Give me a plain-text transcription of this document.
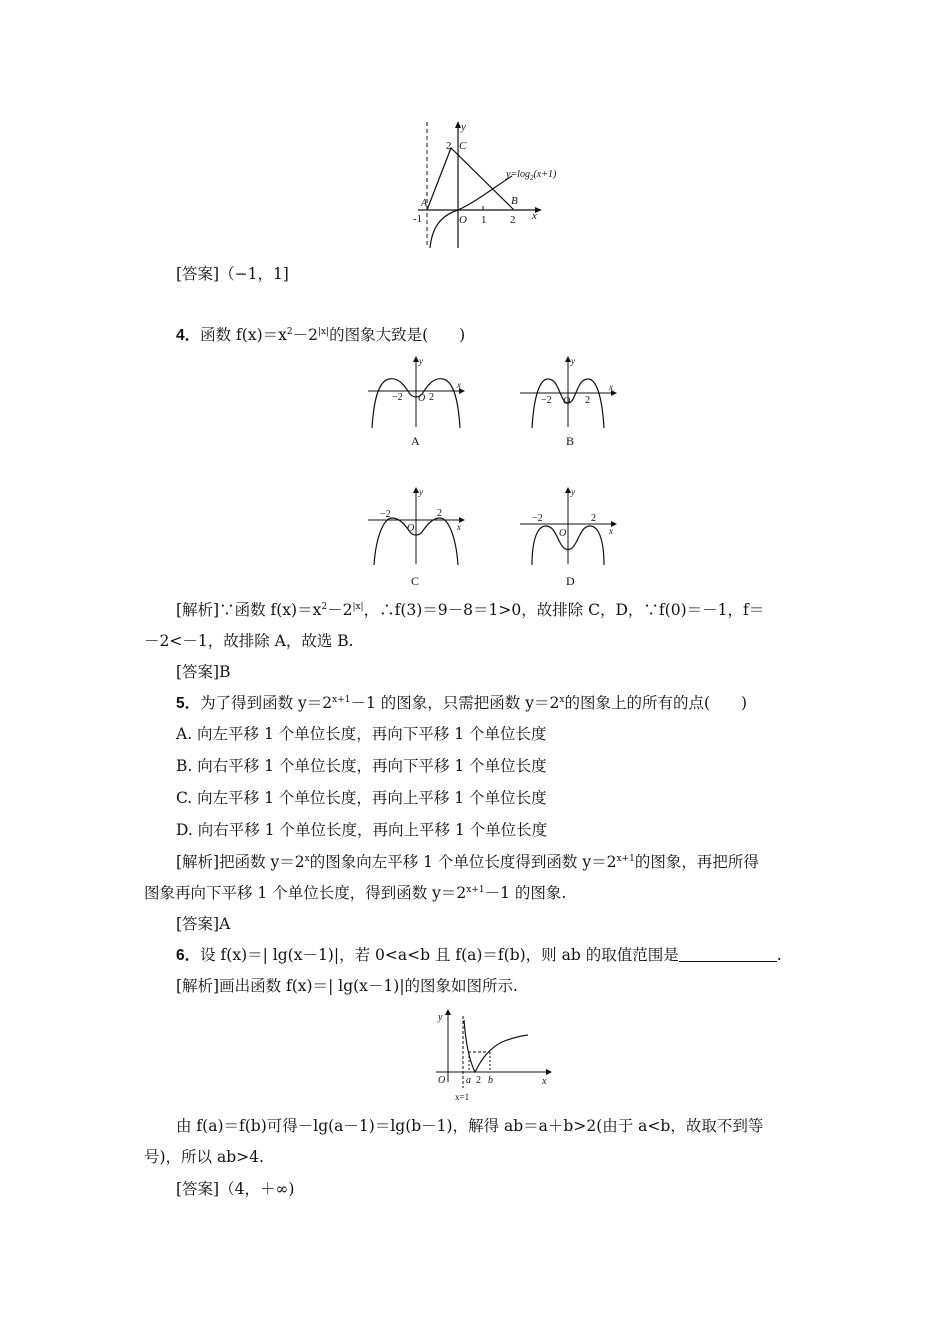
y
2 C
$y=\log_2(x+1)$
A	B
-1	O 1 2 x
[答案]（−1，1]
4．函数 $f(x)=x^2-2^{|x|}$的图象大致是(　　)
y
−2 O 2
x
A
y
−2 O 2
x
B
y
−2
O
2
x
C
y
−2
O
2
x
D
[解析]∵函数 $f(x)=x^2-2^{|x|}$，∴f(3)＝9－8＝1>0，故排除 C，D，∵f(0)＝－1，f＝
－2<－1，故排除 A，故选 B.
[答案]B
5．为了得到函数 $y=2^{x+1}-1$ 的图象，只需把函数 $y=2^x$的图象上的所有的点(　　)
A. 向左平移 1 个单位长度，再向下平移 1 个单位长度
B. 向右平移 1 个单位长度，再向下平移 1 个单位长度
C. 向左平移 1 个单位长度，再向上平移 1 个单位长度
D. 向右平移 1 个单位长度，再向上平移 1 个单位长度
[解析]把函数 $y=2^x$的图象向左平移 1 个单位长度得到函数 $y=2^{x+1}$的图象，再把所得
图象再向下平移 1 个单位长度，得到函数 $y=2^{x+1}-1$ 的图象.
[答案]A
6．设 f(x)＝| lg(x－1)|，若 0<a<b 且 f(a)＝f(b)，则 ab 的取值范围是	.
[解析]画出函数 f(x)＝| lg(x－1)|的图象如图所示.
y
O a 2 b	x
x=1
由 f(a)＝f(b)可得－lg(a－1)＝lg(b－1)，解得 ab＝a＋b>2(由于 a<b，故取不到等
号)，所以 ab>4.
[答案]（4，＋∞)
